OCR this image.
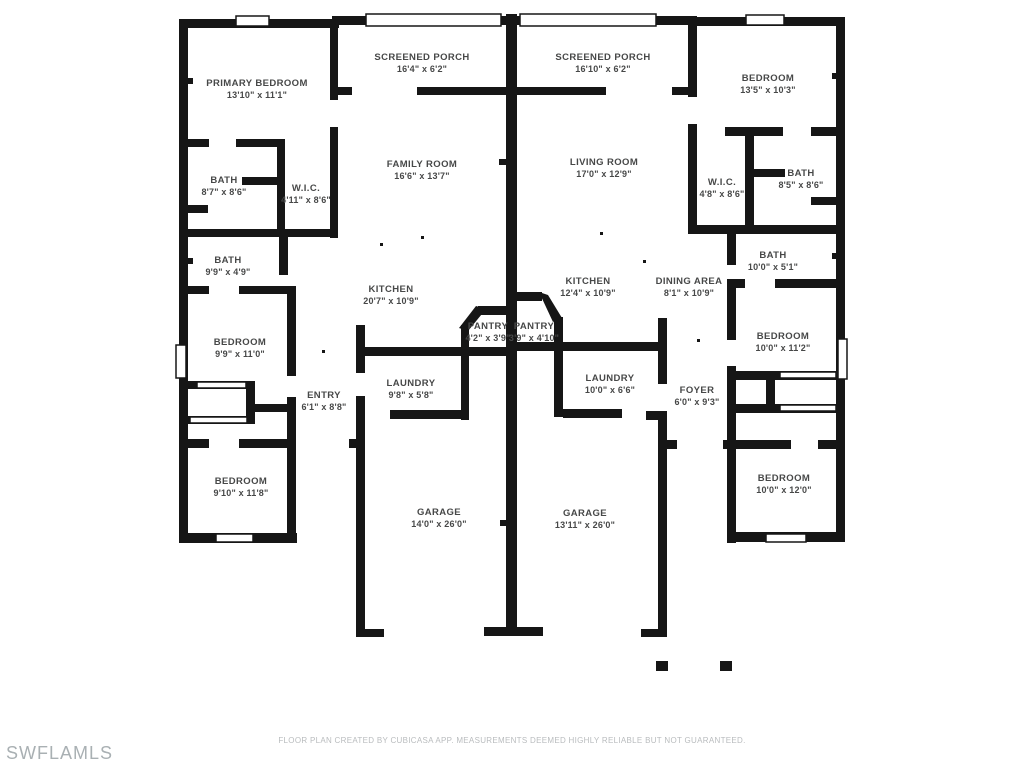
PRIMARY BEDROOM
13'10" x 11'1"
SCREENED PORCH
16'4" x 6'2"
BATH
8'7" x 8'6"	W.I.C.
4'11" x 8'6"
FAMILY ROOM
16'6" x 13'7"
BATH
9'9" x 4'9"
KITCHEN
20'7" x 10'9"
BEDROOM
9'9" x 11'0"
PANTRY
4'2" x 3'9"
LAUNDRY
9'8" x 5'8"
ENTRY
6'1" x 8'8"
BEDROOM
9'10" x 11'8"
GARAGE
14'0" x 26'0"
SCREENED PORCH
16'10" x 6'2"
BEDROOM
13'5" x 10'3"
LIVING ROOM
17'0" x 12'9"
W.I.C.
4'8" x 8'6"
BATH
8'5" x 8'6"
BATH
10'0" x 5'1"
KITCHEN
12'4" x 10'9"
DINING AREA
8'1" x 10'9"
PANTRY
3'9" x 4'10"
LAUNDRY
10'0" x 6'6"	FOYER
6'0" x 9'3"
BEDROOM
10'0" x 11'2"
BEDROOM
10'0" x 12'0"
GARAGE
13'11" x 26'0"
FLOOR PLAN CREATED BY CUBICASA APP. MEASUREMENTS DEEMED HIGHLY RELIABLE BUT NOT GUARANTEED.
SWFLAMLS
